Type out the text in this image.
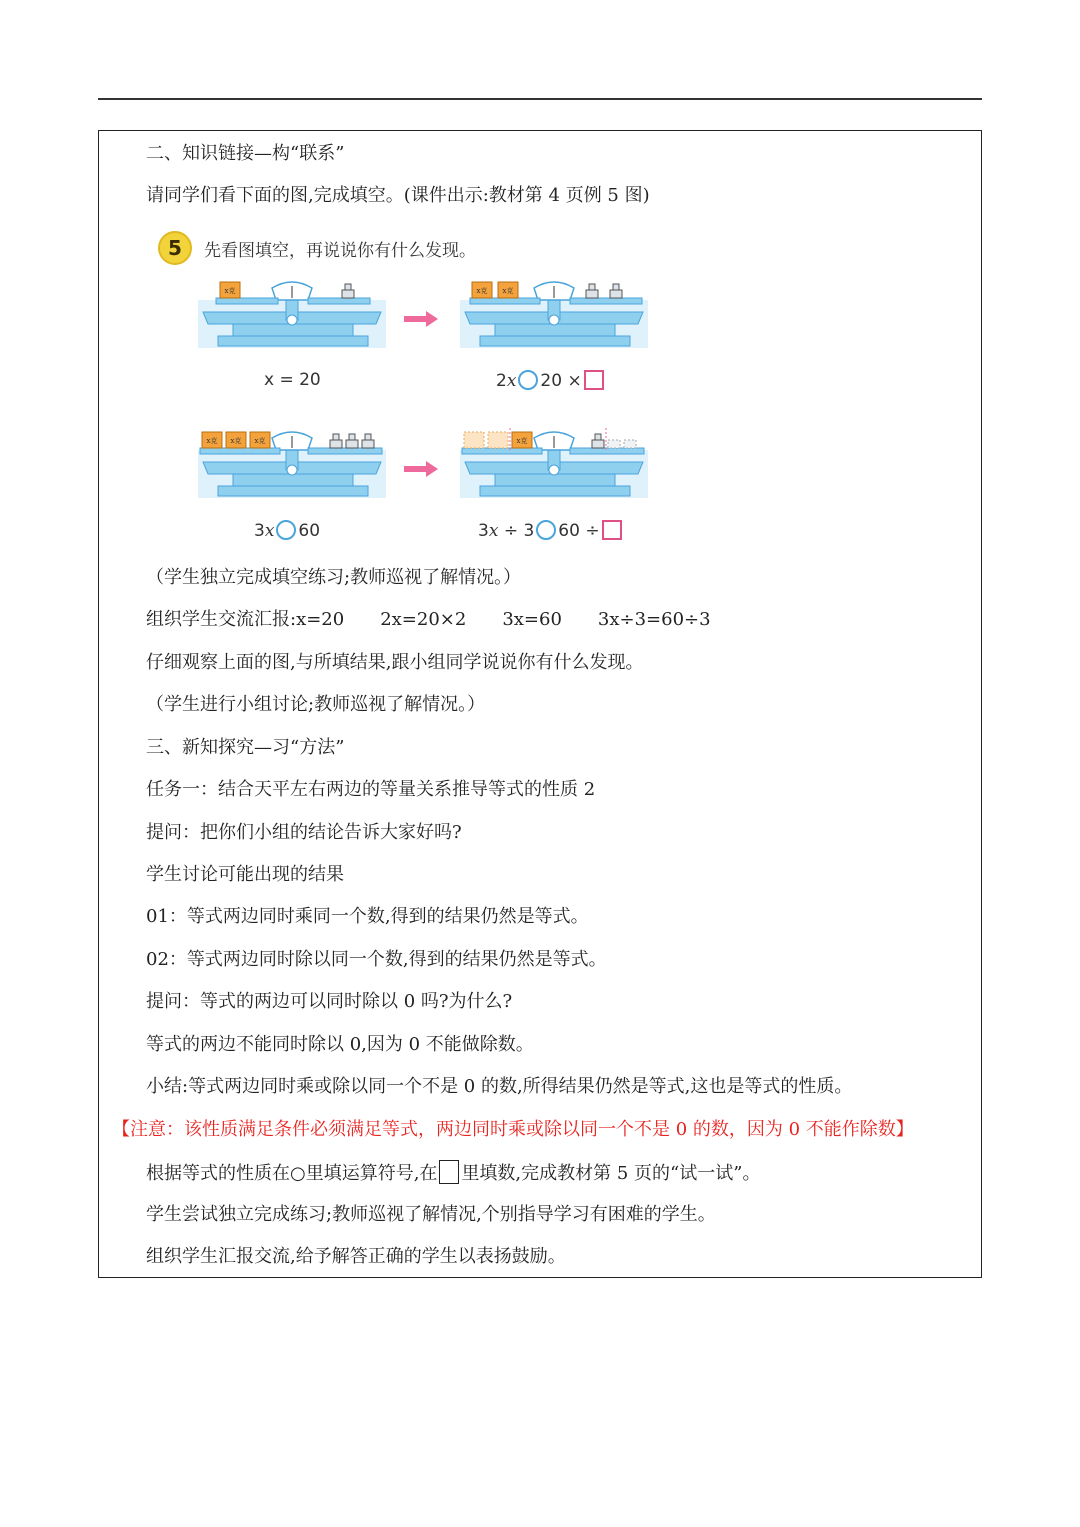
二、知识链接—构“联系”
请同学们看下面的图,完成填空。(课件出示:教材第 4 页例 5 图)
5	先看图填空，再说说你有什么发现。
x克	x克 x克
x = 20	2x 20 ×
x克 x克 x克	x克
3x 60	3x ÷ 3 60 ÷
（学生独立完成填空练习;教师巡视了解情况。）
组织学生交流汇报:x=20　　2x=20×2　　3x=60　　3x÷3=60÷3
仔细观察上面的图,与所填结果,跟小组同学说说你有什么发现。
（学生进行小组讨论;教师巡视了解情况。）
三、新知探究—习“方法”
任务一：结合天平左右两边的等量关系推导等式的性质 2
提问：把你们小组的结论告诉大家好吗?
学生讨论可能出现的结果
01：等式两边同时乘同一个数,得到的结果仍然是等式。
02：等式两边同时除以同一个数,得到的结果仍然是等式。
提问：等式的两边可以同时除以 0 吗?为什么?
等式的两边不能同时除以 0,因为 0 不能做除数。
小结:等式两边同时乘或除以同一个不是 0 的数,所得结果仍然是等式,这也是等式的性质。
【注意：该性质满足条件必须满足等式，两边同时乘或除以同一个不是 0 的数，因为 0 不能作除数】
根据等式的性质在○里填运算符号,在 里填数,完成教材第 5 页的“试一试”。
学生尝试独立完成练习;教师巡视了解情况,个别指导学习有困难的学生。
组织学生汇报交流,给予解答正确的学生以表扬鼓励。
